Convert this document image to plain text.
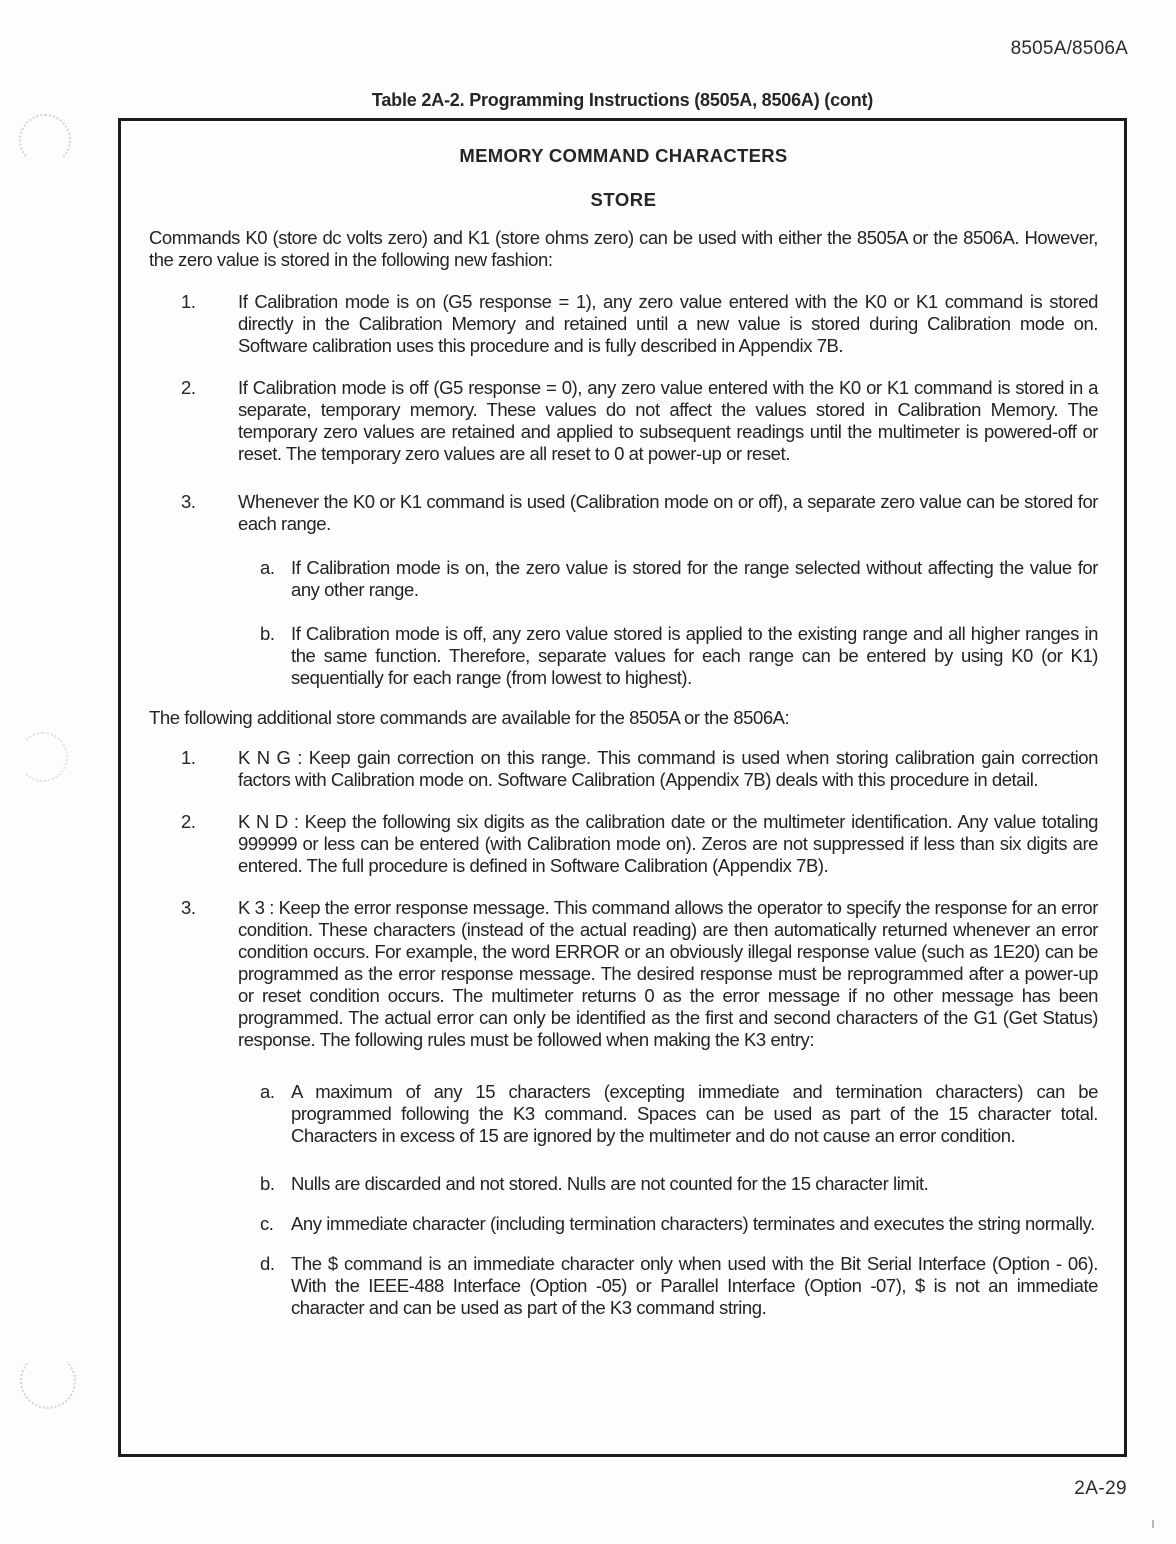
8505A/8506A
Table 2A-2. Programming Instructions (8505A, 8506A) (cont)
MEMORY COMMAND CHARACTERS
STORE

Commands K0 (store dc volts zero) and K1 (store ohms zero) can be used with either the 8505A or the 8506A. However, the zero value is stored in the following new fashion:

1.	If Calibration mode is on (G5 response = 1), any zero value entered with the K0 or K1 command is stored directly in the Calibration Memory and retained until a new value is stored during Calibration mode on. Software calibration uses this procedure and is fully described in Appendix 7B.
2.	If Calibration mode is off (G5 response = 0), any zero value entered with the K0 or K1 command is stored in a separate, temporary memory. These values do not affect the values stored in Calibration Memory. The temporary zero values are retained and applied to subsequent readings until the multimeter is powered-off or reset. The temporary zero values are all reset to 0 at power-up or reset.
3.	Whenever the K0 or K1 command is used (Calibration mode on or off), a separate zero value can be stored for each range.
a. If Calibration mode is on, the zero value is stored for the range selected without affecting the value for any other range.
b. If Calibration mode is off, any zero value stored is applied to the existing range and all higher ranges in the same function. Therefore, separate values for each range can be entered by using K0 (or K1) sequentially for each range (from lowest to highest).

The following additional store commands are available for the 8505A or the 8506A:

1.	K N G : Keep gain correction on this range. This command is used when storing calibration gain correction factors with Calibration mode on. Software Calibration (Appendix 7B) deals with this procedure in detail.
2.	K N D : Keep the following six digits as the calibration date or the multimeter identification. Any value totaling 999999 or less can be entered (with Calibration mode on). Zeros are not suppressed if less than six digits are entered. The full procedure is defined in Software Calibration (Appendix 7B).
3.	K 3 : Keep the error response message. This command allows the operator to specify the response for an error condition. These characters (instead of the actual reading) are then automatically returned whenever an error condition occurs. For example, the word ERROR or an obviously illegal response value (such as 1E20) can be programmed as the error response message. The desired response must be reprogrammed after a power-up or reset condition occurs. The multimeter returns 0 as the error message if no other message has been programmed. The actual error can only be identified as the first and second characters of the G1 (Get Status) response. The following rules must be followed when making the K3 entry:
a. A maximum of any 15 characters (excepting immediate and termination characters) can be programmed following the K3 command. Spaces can be used as part of the 15 character total. Characters in excess of 15 are ignored by the multimeter and do not cause an error condition.
b. Nulls are discarded and not stored. Nulls are not counted for the 15 character limit.
c. Any immediate character (including termination characters) terminates and executes the string normally.
d. The $ command is an immediate character only when used with the Bit Serial Interface (Option - 06). With the IEEE-488 Interface (Option -05) or Parallel Interface (Option -07), $ is not an immediate character and can be used as part of the K3 command string.
2A-29
